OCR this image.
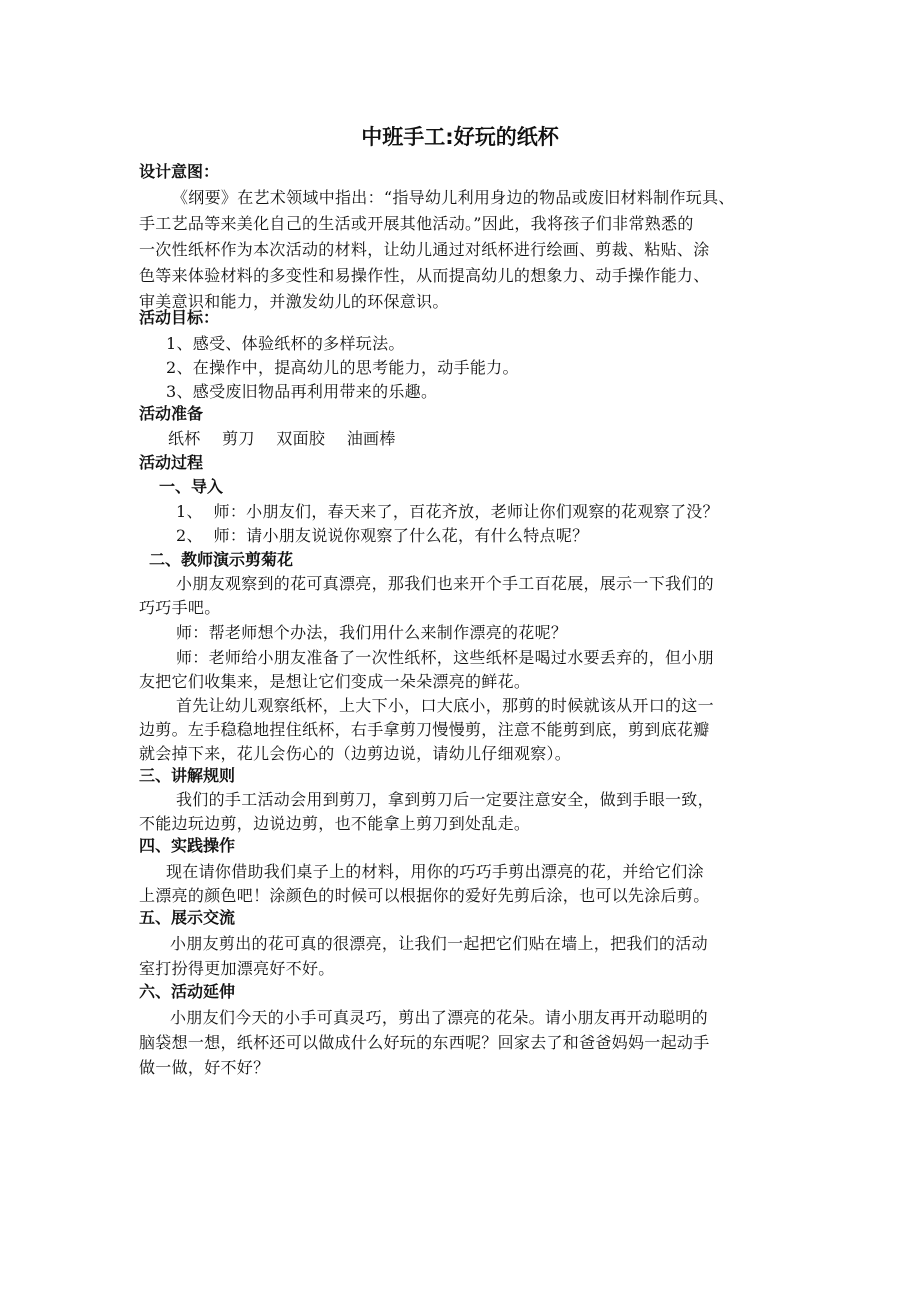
中班手工:好玩的纸杯
设计意图：
《纲要》在艺术领域中指出：“指导幼儿利用身边的物品或废旧材料制作玩具、
手工艺品等来美化自己的生活或开展其他活动。”因此，我将孩子们非常熟悉的
一次性纸杯作为本次活动的材料，让幼儿通过对纸杯进行绘画、剪裁、粘贴、涂
色等来体验材料的多变性和易操作性，从而提高幼儿的想象力、动手操作能力、
审美意识和能力，并激发幼儿的环保意识。
活动目标：
1、感受、体验纸杯的多样玩法。
2、在操作中，提高幼儿的思考能力，动手能力。
3、感受废旧物品再利用带来的乐趣。
活动准备
纸杯    剪刀    双面胶    油画棒
活动过程
一、导入
1、  师：小朋友们，春天来了，百花齐放，老师让你们观察的花观察了没？
2、  师：请小朋友说说你观察了什么花，有什么特点呢？
二、教师演示剪菊花
小朋友观察到的花可真漂亮，那我们也来开个手工百花展，展示一下我们的
巧巧手吧。
师：帮老师想个办法，我们用什么来制作漂亮的花呢？
师：老师给小朋友准备了一次性纸杯，这些纸杯是喝过水要丢弃的，但小朋
友把它们收集来，是想让它们变成一朵朵漂亮的鲜花。
首先让幼儿观察纸杯，上大下小，口大底小，那剪的时候就该从开口的这一
边剪。左手稳稳地捏住纸杯，右手拿剪刀慢慢剪，注意不能剪到底，剪到底花瓣
就会掉下来，花儿会伤心的（边剪边说，请幼儿仔细观察）。
三、讲解规则
我们的手工活动会用到剪刀，拿到剪刀后一定要注意安全，做到手眼一致，
不能边玩边剪，边说边剪，也不能拿上剪刀到处乱走。
四、实践操作
现在请你借助我们桌子上的材料，用你的巧巧手剪出漂亮的花，并给它们涂
上漂亮的颜色吧！涂颜色的时候可以根据你的爱好先剪后涂，也可以先涂后剪。
五、展示交流
小朋友剪出的花可真的很漂亮，让我们一起把它们贴在墙上，把我们的活动
室打扮得更加漂亮好不好。
六、活动延伸
小朋友们今天的小手可真灵巧，剪出了漂亮的花朵。请小朋友再开动聪明的
脑袋想一想，纸杯还可以做成什么好玩的东西呢？回家去了和爸爸妈妈一起动手
做一做，好不好？
